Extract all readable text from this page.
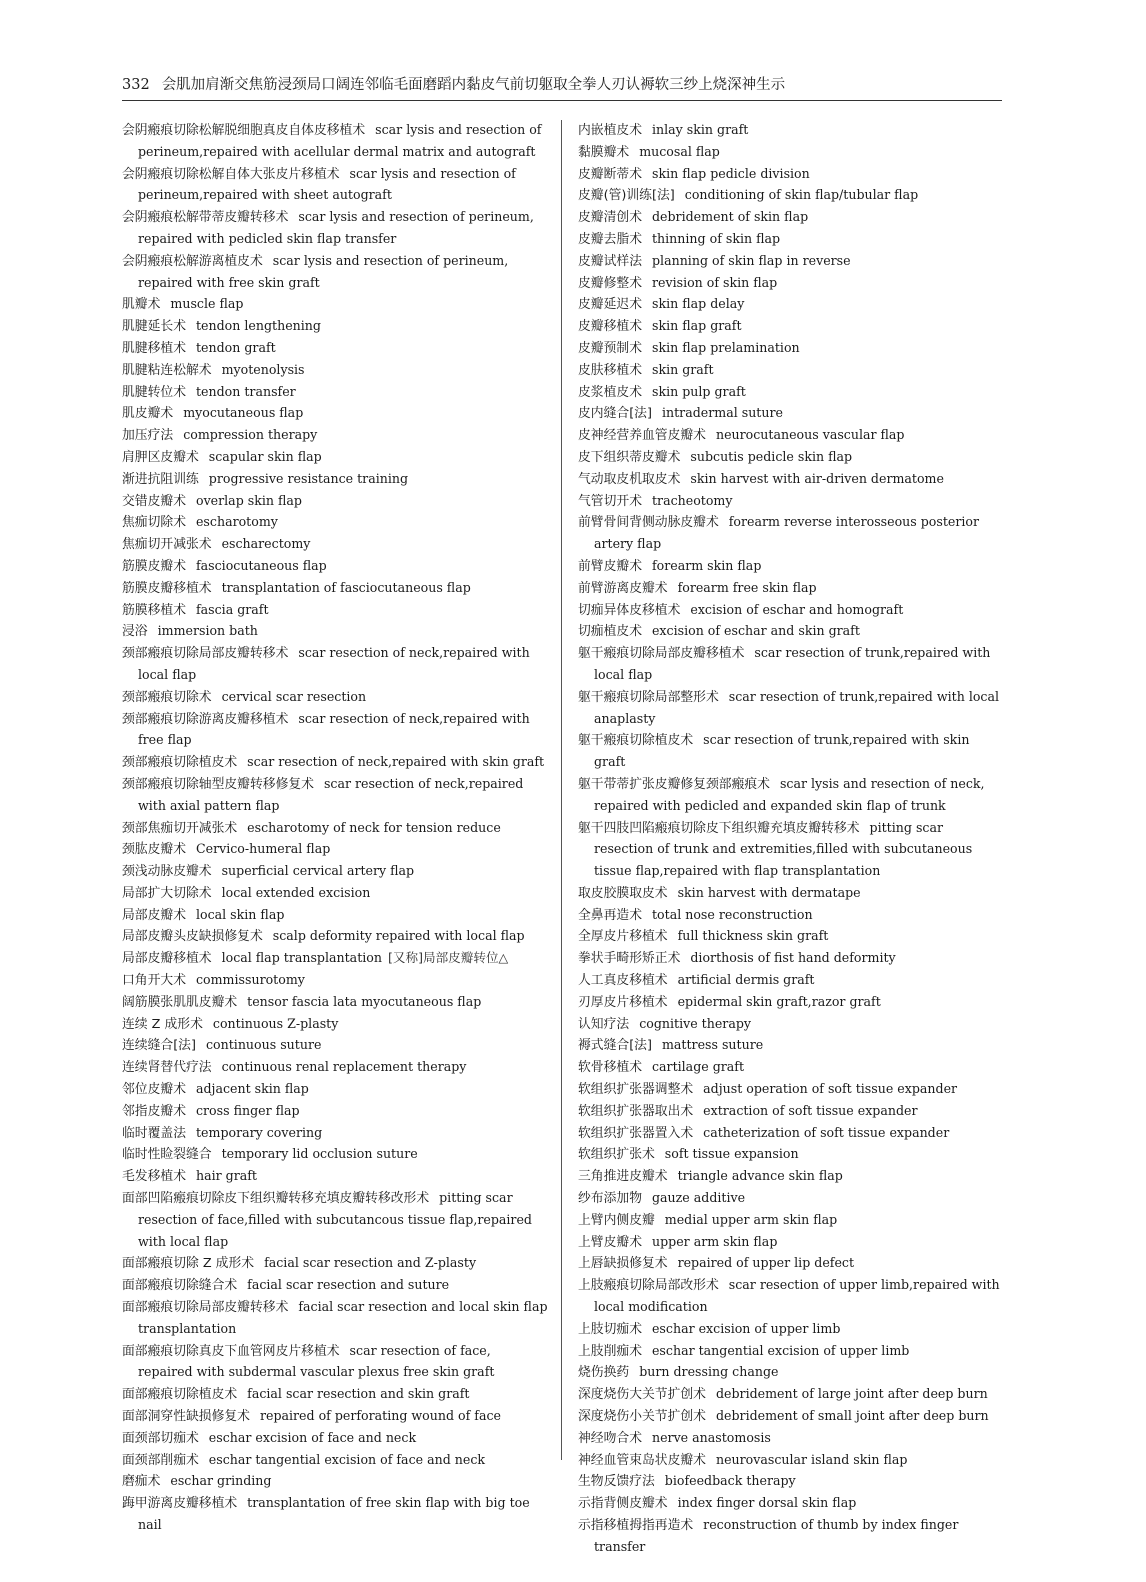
332 会肌加肩渐交焦筋浸颈局口阔连邻临毛面磨蹈内黏皮气前切躯取全拳人刃认褥软三纱上烧深神生示
会阴瘢痕切除松解脱细胞真皮自体皮移植术 scar lysis and resection of perineum,repaired with acellular dermal matrix and autograft
会阴瘢痕切除松解自体大张皮片移植术 scar lysis and resection of perineum,repaired with sheet autograft
会阴瘢痕松解带蒂皮瓣转移术 scar lysis and resection of perineum, repaired with pedicled skin flap transfer
会阴瘢痕松解游离植皮术 scar lysis and resection of perineum, repaired with free skin graft
肌瓣术 muscle flap
肌腱延长术 tendon lengthening
肌腱移植术 tendon graft
肌腱粘连松解术 myotenolysis
肌腱转位术 tendon transfer
肌皮瓣术 myocutaneous flap
加压疗法 compression therapy
肩胛区皮瓣术 scapular skin flap
渐进抗阻训练 progressive resistance training
交错皮瓣术 overlap skin flap
焦痂切除术 escharotomy
焦痂切开减张术 escharectomy
筋膜皮瓣术 fasciocutaneous flap
筋膜皮瓣移植术 transplantation of fasciocutaneous flap
筋膜移植术 fascia graft
浸浴 immersion bath
颈部瘢痕切除局部皮瓣转移术 scar resection of neck,repaired with local flap
颈部瘢痕切除术 cervical scar resection
颈部瘢痕切除游离皮瓣移植术 scar resection of neck,repaired with free flap
颈部瘢痕切除植皮术 scar resection of neck,repaired with skin graft
颈部瘢痕切除轴型皮瓣转移修复术 scar resection of neck,repaired with axial pattern flap
颈部焦痂切开减张术 escharotomy of neck for tension reduce
颈肱皮瓣术 Cervico-humeral flap
颈浅动脉皮瓣术 superficial cervical artery flap
局部扩大切除术 local extended excision
局部皮瓣术 local skin flap
局部皮瓣头皮缺损修复术 scalp deformity repaired with local flap
局部皮瓣移植术 local flap transplantation [又称]局部皮瓣转位△
口角开大术 commissurotomy
阔筋膜张肌肌皮瓣术 tensor fascia lata myocutaneous flap
连续 Z 成形术 continuous Z-plasty
连续缝合[法] continuous suture
连续肾替代疗法 continuous renal replacement therapy
邻位皮瓣术 adjacent skin flap
邻指皮瓣术 cross finger flap
临时覆盖法 temporary covering
临时性睑裂缝合 temporary lid occlusion suture
毛发移植术 hair graft
面部凹陷瘢痕切除皮下组织瓣转移充填皮瓣转移改形术 pitting scar resection of face,filled with subcutancous tissue flap,repaired with local flap
面部瘢痕切除 Z 成形术 facial scar resection and Z-plasty
面部瘢痕切除缝合术 facial scar resection and suture
面部瘢痕切除局部皮瓣转移术 facial scar resection and local skin flap transplantation
面部瘢痕切除真皮下血管网皮片移植术 scar resection of face, repaired with subdermal vascular plexus free skin graft
面部瘢痕切除植皮术 facial scar resection and skin graft
面部洞穿性缺损修复术 repaired of perforating wound of face
面颈部切痂术 eschar excision of face and neck
面颈部削痂术 eschar tangential excision of face and neck
磨痂术 eschar grinding
踇甲游离皮瓣移植术 transplantation of free skin flap with big toe nail
内嵌植皮术 inlay skin graft
黏膜瓣术 mucosal flap
皮瓣断蒂术 skin flap pedicle division
皮瓣(管)训练[法] conditioning of skin flap/tubular flap
皮瓣清创术 debridement of skin flap
皮瓣去脂术 thinning of skin flap
皮瓣试样法 planning of skin flap in reverse
皮瓣修整术 revision of skin flap
皮瓣延迟术 skin flap delay
皮瓣移植术 skin flap graft
皮瓣预制术 skin flap prelamination
皮肤移植术 skin graft
皮浆植皮术 skin pulp graft
皮内缝合[法] intradermal suture
皮神经营养血管皮瓣术 neurocutaneous vascular flap
皮下组织蒂皮瓣术 subcutis pedicle skin flap
气动取皮机取皮术 skin harvest with air-driven dermatome
气管切开术 tracheotomy
前臂骨间背侧动脉皮瓣术 forearm reverse interosseous posterior artery flap
前臂皮瓣术 forearm skin flap
前臂游离皮瓣术 forearm free skin flap
切痂异体皮移植术 excision of eschar and homograft
切痂植皮术 excision of eschar and skin graft
躯干瘢痕切除局部皮瓣移植术 scar resection of trunk,repaired with local flap
躯干瘢痕切除局部整形术 scar resection of trunk,repaired with local anaplasty
躯干瘢痕切除植皮术 scar resection of trunk,repaired with skin graft
躯干带蒂扩张皮瓣修复颈部瘢痕术 scar lysis and resection of neck, repaired with pedicled and expanded skin flap of trunk
躯干四肢凹陷瘢痕切除皮下组织瓣充填皮瓣转移术 pitting scar resection of trunk and extremities,filled with subcutaneous tissue flap,repaired with flap transplantation
取皮胶膜取皮术 skin harvest with dermatape
全鼻再造术 total nose reconstruction
全厚皮片移植术 full thickness skin graft
拳状手畸形矫正术 diorthosis of fist hand deformity
人工真皮移植术 artificial dermis graft
刃厚皮片移植术 epidermal skin graft,razor graft
认知疗法 cognitive therapy
褥式缝合[法] mattress suture
软骨移植术 cartilage graft
软组织扩张器调整术 adjust operation of soft tissue expander
软组织扩张器取出术 extraction of soft tissue expander
软组织扩张器置入术 catheterization of soft tissue expander
软组织扩张术 soft tissue expansion
三角推进皮瓣术 triangle advance skin flap
纱布添加物 gauze additive
上臂内侧皮瓣 medial upper arm skin flap
上臂皮瓣术 upper arm skin flap
上唇缺损修复术 repaired of upper lip defect
上肢瘢痕切除局部改形术 scar resection of upper limb,repaired with local modification
上肢切痂术 eschar excision of upper limb
上肢削痂术 eschar tangential excision of upper limb
烧伤换药 burn dressing change
深度烧伤大关节扩创术 debridement of large joint after deep burn
深度烧伤小关节扩创术 debridement of small joint after deep burn
神经吻合术 nerve anastomosis
神经血管束岛状皮瓣术 neurovascular island skin flap
生物反馈疗法 biofeedback therapy
示指背侧皮瓣术 index finger dorsal skin flap
示指移植拇指再造术 reconstruction of thumb by index finger transfer
